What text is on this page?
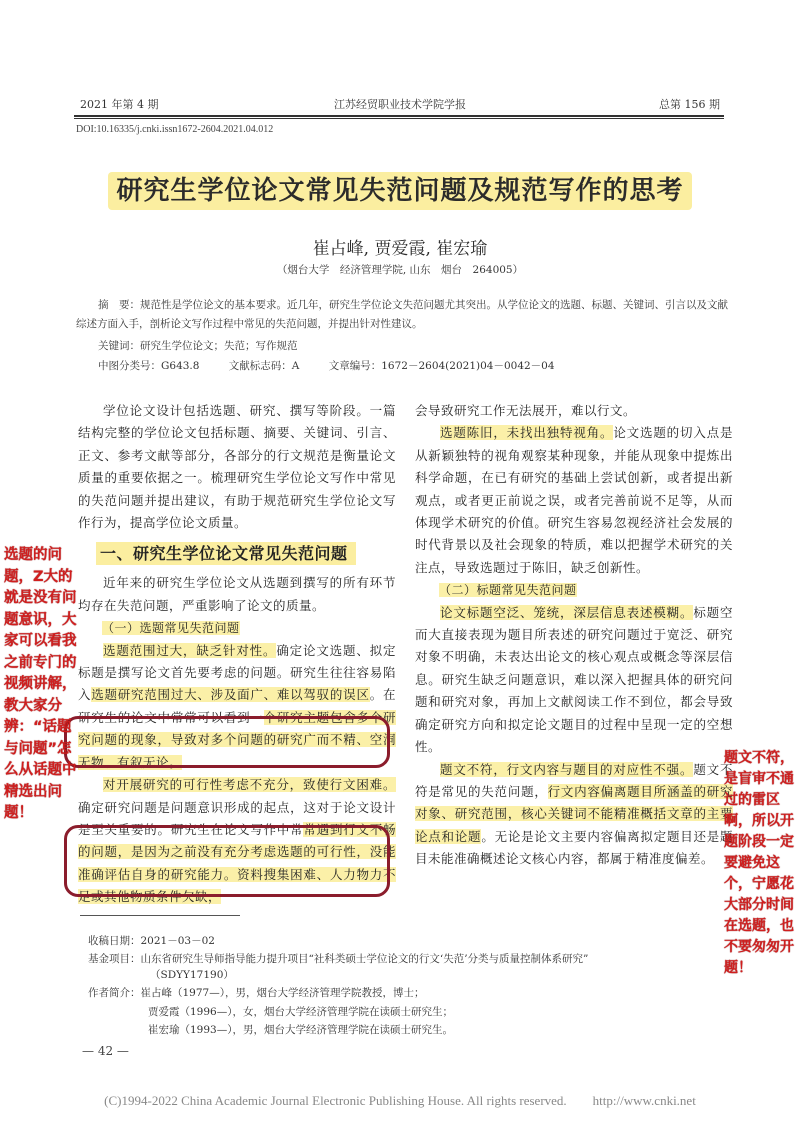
2021 年第 4 期	江苏经贸职业技术学院学报	总第 156 期
DOI:10.16335/j.cnki.issn1672-2604.2021.04.012
研究生学位论文常见失范问题及规范写作的思考
崔占峰, 贾爱霞, 崔宏瑜
（烟台大学　经济管理学院, 山东　烟台　264005）
摘　要：规范性是学位论文的基本要求。近几年，研究生学位论文失范问题尤其突出。从学位论文的选题、标题、关键词、引言以及文献综述方面入手，剖析论文写作过程中常见的失范问题，并提出针对性建议。
关键词：研究生学位论文；失范；写作规范
中图分类号：G643.8	文献标志码：A	文章编号：1672－2604(2021)04－0042－04

学位论文设计包括选题、研究、撰写等阶段。一篇结构完整的学位论文包括标题、摘要、关键词、引言、正文、参考文献等部分，各部分的行文规范是衡量论文质量的重要依据之一。梳理研究生学位论文写作中常见的失范问题并提出建议，有助于规范研究生学位论文写作行为，提高学位论文质量。

一、研究生学位论文常见失范问题

近年来的研究生学位论文从选题到撰写的所有环节均存在失范问题，严重影响了论文的质量。

（一）选题常见失范问题

选题范围过大，缺乏针对性。确定论文选题、拟定标题是撰写论文首先要考虑的问题。研究生往往容易陷入选题研究范围过大、涉及面广、难以驾驭的误区。在研究生的论文中常常可以看到一个研究主题包含多个研究问题的现象，导致对多个问题的研究广而不精、空洞无物、有叙无论。

对开展研究的可行性考虑不充分，致使行文困难。确定研究问题是问题意识形成的起点，这对于论文设计是至关重要的。研究生在论文写作中常常遇到行文不畅的问题，是因为之前没有充分考虑选题的可行性，没能准确评估自身的研究能力。资料搜集困难、人力物力不足或其他物质条件欠缺，

会导致研究工作无法展开，难以行文。

选题陈旧，未找出独特视角。论文选题的切入点是从新颖独特的视角观察某种现象，并能从现象中提炼出科学命题，在已有研究的基础上尝试创新，或者提出新观点，或者更正前说之误，或者完善前说不足等，从而体现学术研究的价值。研究生容易忽视经济社会发展的时代背景以及社会现象的特质，难以把握学术研究的关注点，导致选题过于陈旧，缺乏创新性。

（二）标题常见失范问题

论文标题空泛、笼统，深层信息表述模糊。标题空而大直接表现为题目所表述的研究问题过于宽泛、研究对象不明确，未表达出论文的核心观点或概念等深层信息。研究生缺乏问题意识，难以深入把握具体的研究问题和研究对象，再加上文献阅读工作不到位，都会导致确定研究方向和拟定论文题目的过程中呈现一定的空想性。

题文不符，行文内容与题目的对应性不强。题文不符是常见的失范问题，行文内容偏离题目所涵盖的研究对象、研究范围，核心关键词不能精准概括文章的主要论点和论题。无论是论文主要内容偏离拟定题目还是题目未能准确概述论文核心内容，都属于精准度偏差。

选题的问题，Z大的就是没有问题意识，大家可以看我之前专门的视频讲解，教大家分辨：“话题与问题”怎么从话题中精选出问题！
题文不符，是盲审不通过的雷区啊，所以开题阶段一定要避免这个，宁愿花大部分时间在选题，也不要匆匆开题！
收稿日期：2021－03－02
基金项目：山东省研究生导师指导能力提升项目“社科类硕士学位论文的行文‘失范’分类与质量控制体系研究”
（SDYY17190）
作者简介：崔占峰（1977—），男，烟台大学经济管理学院教授，博士；
贾爱霞（1996—），女，烟台大学经济管理学院在读硕士研究生；
崔宏瑜（1993—），男，烟台大学经济管理学院在读硕士研究生。
— 42 —
(C)1994-2022 China Academic Journal Electronic Publishing House. All rights reserved.　　http://www.cnki.net
